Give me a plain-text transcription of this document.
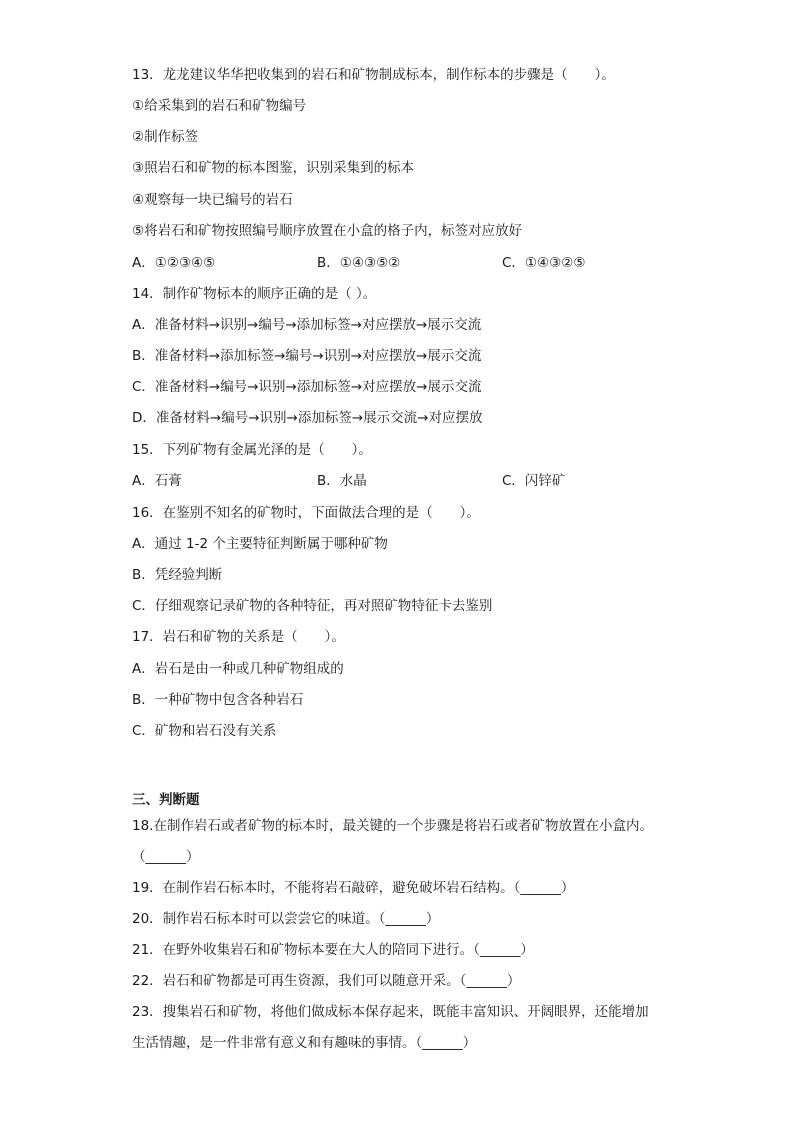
13．龙龙建议华华把收集到的岩石和矿物制成标本，制作标本的步骤是（　　）。
①给采集到的岩石和矿物编号
②制作标签
③照岩石和矿物的标本图鉴，识别采集到的标本
④观察每一块已编号的岩石
⑤将岩石和矿物按照编号顺序放置在小盒的格子内，标签对应放好
A．①②③④⑤	B．①④③⑤②	C．①④③②⑤
14．制作矿物标本的顺序正确的是（ ）。
A．准备材料→识别→编号→添加标签→对应摆放→展示交流
B．准备材料→添加标签→编号→识别→对应摆放→展示交流
C．准备材料→编号→识别→添加标签→对应摆放→展示交流
D．准备材料→编号→识别→添加标签→展示交流→对应摆放
15．下列矿物有金属光泽的是（　　）。
A．石膏	B．水晶	C．闪锌矿
16．在鉴别不知名的矿物时，下面做法合理的是（　　）。
A．通过 1-2 个主要特征判断属于哪种矿物
B．凭经验判断
C．仔细观察记录矿物的各种特征，再对照矿物特征卡去鉴别
17．岩石和矿物的关系是（　　）。
A．岩石是由一种或几种矿物组成的
B．一种矿物中包含各种岩石
C．矿物和岩石没有关系
三、判断题
18.在制作岩石或者矿物的标本时，最关键的一个步骤是将岩石或者矿物放置在小盒内。
（______）
19．在制作岩石标本时，不能将岩石敲碎，避免破坏岩石结构。（______）
20．制作岩石标本时可以尝尝它的味道。（______）
21．在野外收集岩石和矿物标本要在大人的陪同下进行。（______）
22．岩石和矿物都是可再生资源，我们可以随意开采。（______）
23．搜集岩石和矿物，将他们做成标本保存起来，既能丰富知识、开阔眼界，还能增加
生活情趣，是一件非常有意义和有趣味的事情。（______）
